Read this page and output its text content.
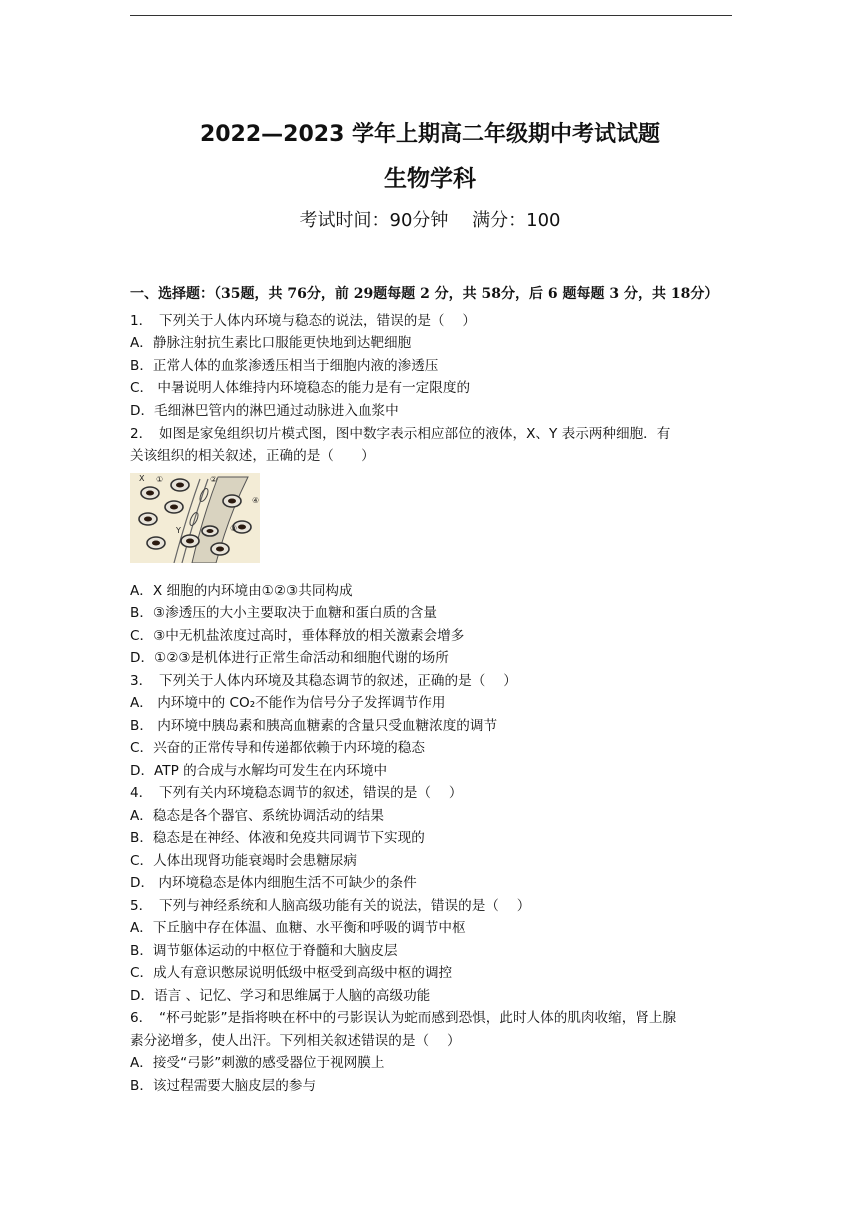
2022—2023 学年上期高二年级期中考试试题
生物学科
考试时间：90分钟　 满分：100
一、选择题：（35题，共 76分，前 29题每题 2 分，共 58分，后 6 题每题 3 分，共 18分）
1．　下列关于人体内环境与稳态的说法，错误的是（　 ）
A．静脉注射抗生素比口服能更快地到达靶细胞
B．正常人体的血浆渗透压相当于细胞内液的渗透压
C． 中暑说明人体维持内环境稳态的能力是有一定限度的
D．毛细淋巴管内的淋巴通过动脉进入血浆中
2．　如图是家兔组织切片模式图，图中数字表示相应部位的液体，X、Y 表示两种细胞．有
关该组织的相关叙述，正确的是（　　）
X ①	②
③
④
Y
A．X 细胞的内环境由①②③共同构成
B．③渗透压的大小主要取决于血糖和蛋白质的含量
C．③中无机盐浓度过高时，垂体释放的相关激素会增多
D．①②③是机体进行正常生命活动和细胞代谢的场所
3．　下列关于人体内环境及其稳态调节的叙述，正确的是（　 ）
A． 内环境中的 CO₂不能作为信号分子发挥调节作用
B． 内环境中胰岛素和胰高血糖素的含量只受血糖浓度的调节
C．兴奋的正常传导和传递都依赖于内环境的稳态
D．ATP 的合成与水解均可发生在内环境中
4．　下列有关内环境稳态调节的叙述，错误的是（　 ）
A．稳态是各个器官、系统协调活动的结果
B．稳态是在神经、体液和免疫共同调节下实现的
C．人体出现肾功能衰竭时会患糖尿病
D． 内环境稳态是体内细胞生活不可缺少的条件
5．　下列与神经系统和人脑高级功能有关的说法，错误的是（　 ）
A．下丘脑中存在体温、血糖、水平衡和呼吸的调节中枢
B．调节躯体运动的中枢位于脊髓和大脑皮层
C．成人有意识憋尿说明低级中枢受到高级中枢的调控
D．语言 、记忆、学习和思维属于人脑的高级功能
6．　“杯弓蛇影”是指将映在杯中的弓影误认为蛇而感到恐惧，此时人体的肌肉收缩，肾上腺
素分泌增多，使人出汗。下列相关叙述错误的是（　 ）
A．接受“弓影”刺激的感受器位于视网膜上
B．该过程需要大脑皮层的参与
